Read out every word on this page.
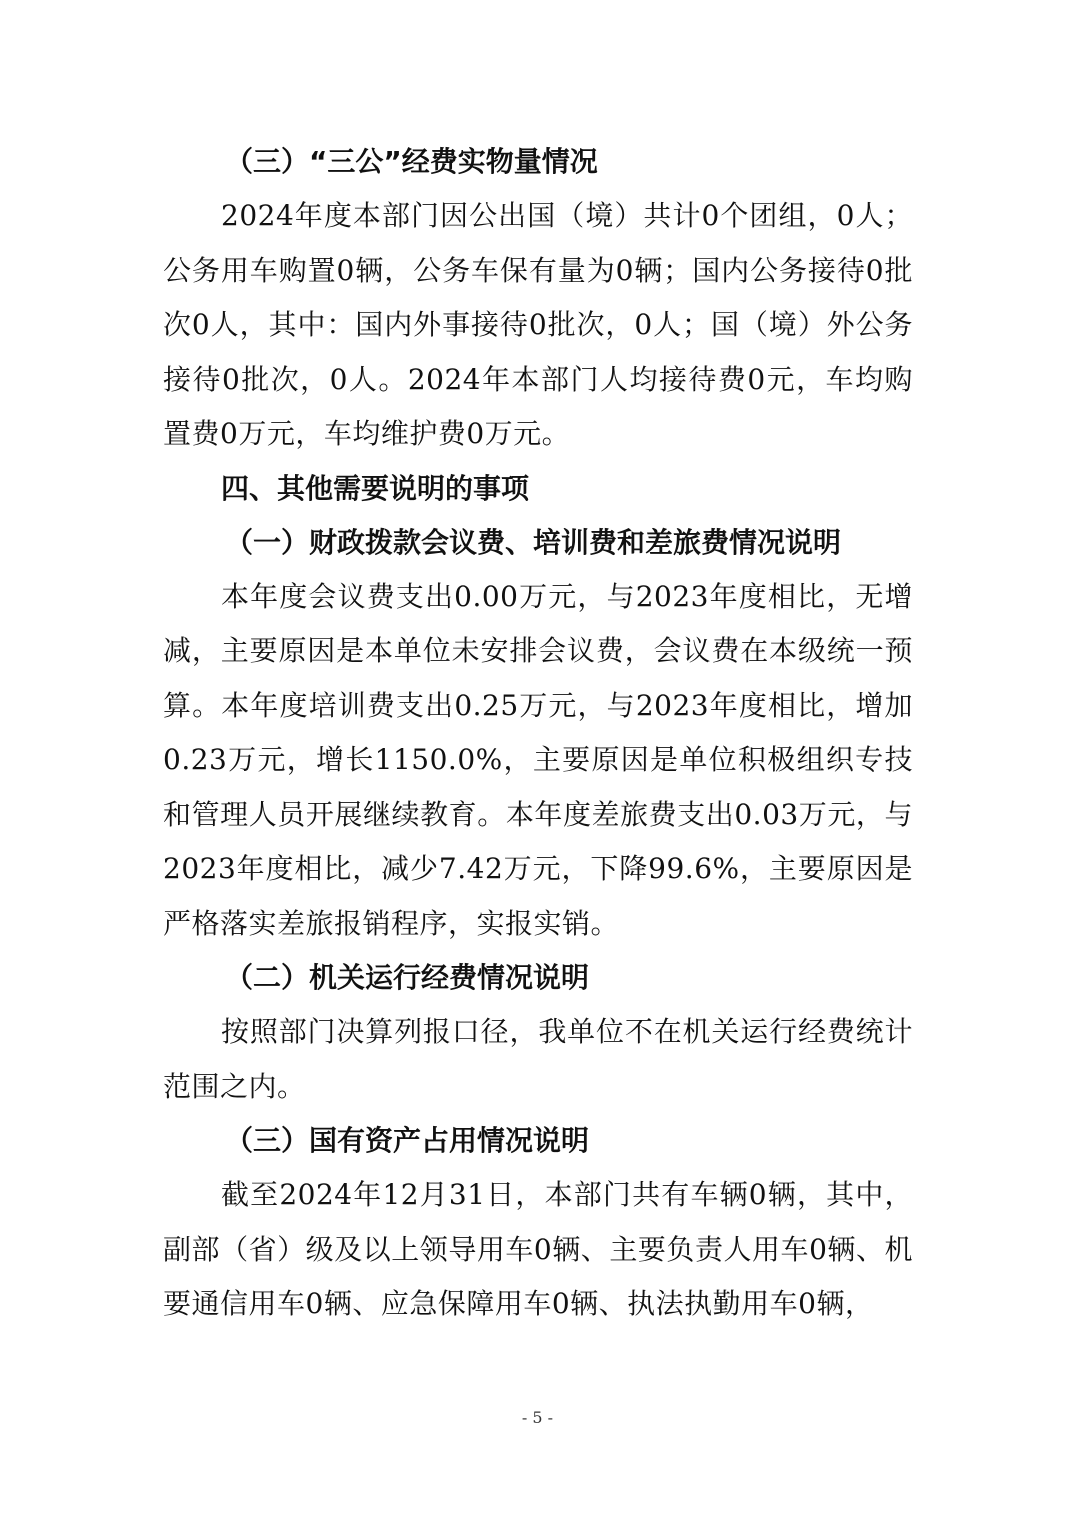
（三）“三公”经费实物量情况
2024年度本部门因公出国（境）共计0个团组，0人；公务用车购置0辆，公务车保有量为0辆；国内公务接待0批次0人，其中：国内外事接待0批次，0人；国（境）外公务接待0批次，0人。2024年本部门人均接待费0元，车均购置费0万元，车均维护费0万元。
四、其他需要说明的事项
（一）财政拨款会议费、培训费和差旅费情况说明
本年度会议费支出0.00万元，与2023年度相比，无增减，主要原因是本单位未安排会议费，会议费在本级统一预算。本年度培训费支出0.25万元，与2023年度相比，增加0.23万元，增长1150.0%，主要原因是单位积极组织专技和管理人员开展继续教育。本年度差旅费支出0.03万元，与2023年度相比，减少7.42万元，下降99.6%，主要原因是严格落实差旅报销程序，实报实销。
（二）机关运行经费情况说明
按照部门决算列报口径，我单位不在机关运行经费统计范围之内。
（三）国有资产占用情况说明
截至2024年12月31日，本部门共有车辆0辆，其中，副部（省）级及以上领导用车0辆、主要负责人用车0辆、机要通信用车0辆、应急保障用车0辆、执法执勤用车0辆，
- 5 -
